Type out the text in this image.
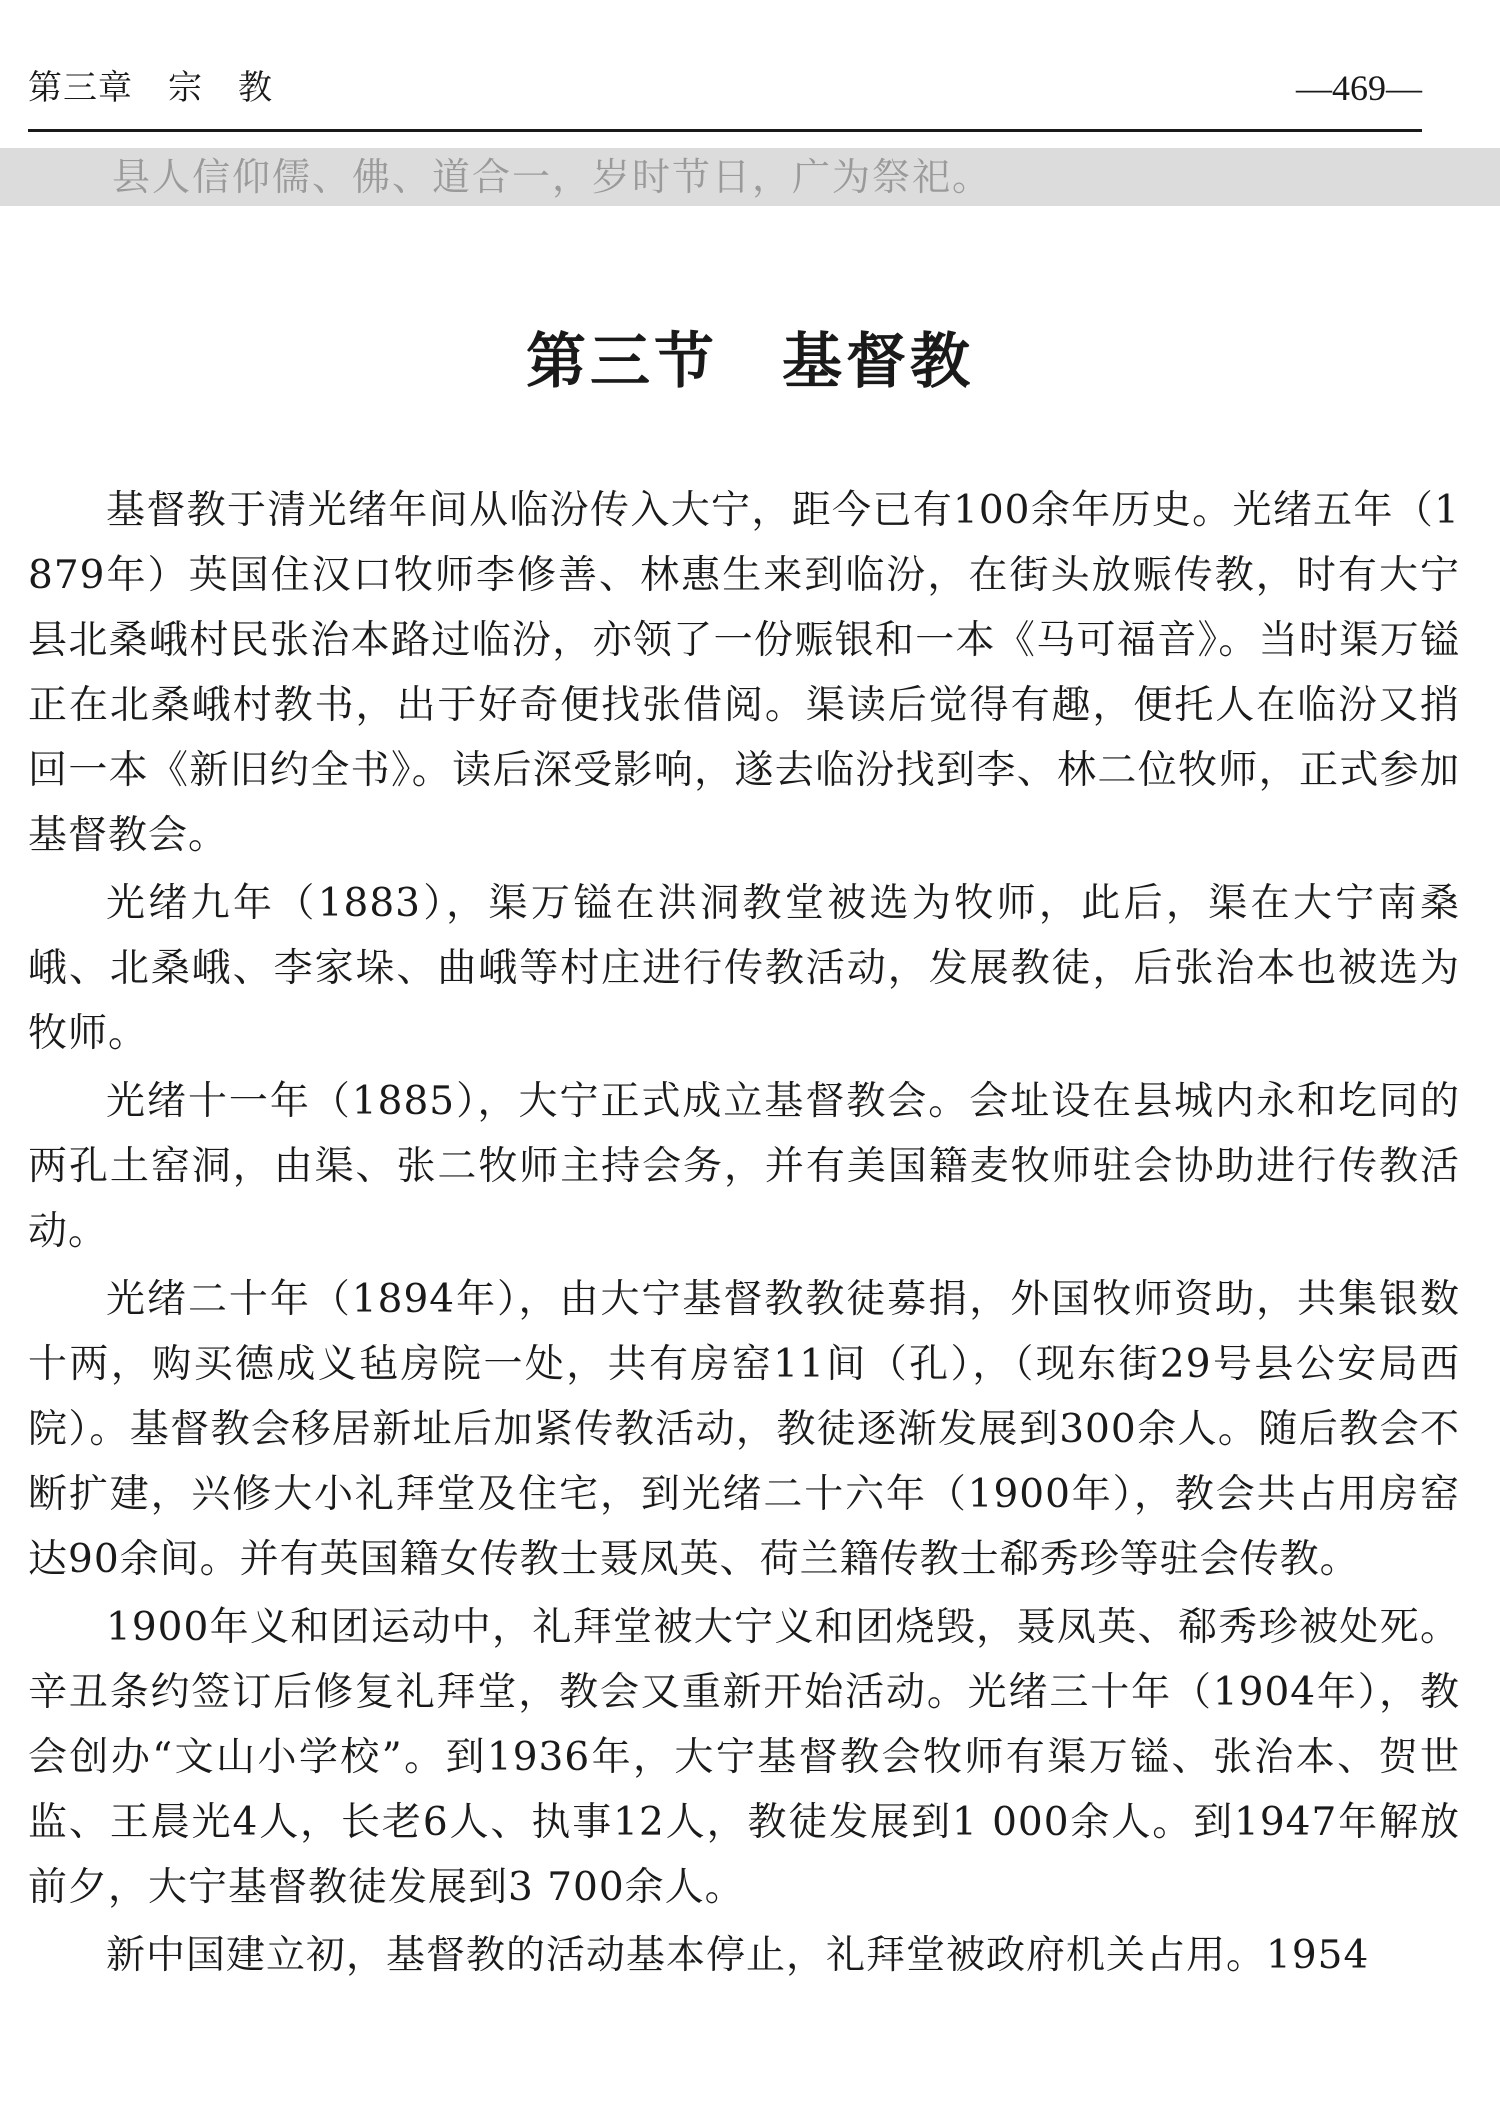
第三章　宗　教	—469—
县人信仰儒、佛、道合一，岁时节日，广为祭祀。
第三节　基督教

基督教于清光绪年间从临汾传入大宁，距今已有100余年历史。光绪五年（1879年）英国住汉口牧师李修善、林惠生来到临汾，在街头放赈传教，时有大宁县北桑峨村民张治本路过临汾，亦领了一份赈银和一本《马可福音》。当时渠万镒正在北桑峨村教书，出于好奇便找张借阅。渠读后觉得有趣，便托人在临汾又捎回一本《新旧约全书》。读后深受影响，遂去临汾找到李、林二位牧师，正式参加基督教会。

光绪九年（1883），渠万镒在洪洞教堂被选为牧师，此后，渠在大宁南桑峨、北桑峨、李家垛、曲峨等村庄进行传教活动，发展教徒，后张治本也被选为牧师。

光绪十一年（1885），大宁正式成立基督教会。会址设在县城内永和圪同的两孔土窑洞，由渠、张二牧师主持会务，并有美国籍麦牧师驻会协助进行传教活动。

光绪二十年（1894年），由大宁基督教教徒募捐，外国牧师资助，共集银数十两，购买德成义毡房院一处，共有房窑11间（孔），（现东街29号县公安局西院）。基督教会移居新址后加紧传教活动，教徒逐渐发展到300余人。随后教会不断扩建，兴修大小礼拜堂及住宅，到光绪二十六年（1900年），教会共占用房窑达90余间。并有英国籍女传教士聂凤英、荷兰籍传教士郗秀珍等驻会传教。

1900年义和团运动中，礼拜堂被大宁义和团烧毁，聂凤英、郗秀珍被处死。辛丑条约签订后修复礼拜堂，教会又重新开始活动。光绪三十年（1904年），教会创办“文山小学校”。到1936年，大宁基督教会牧师有渠万镒、张治本、贺世监、王晨光4人，长老6人、执事12人，教徒发展到1 000余人。到1947年解放前夕，大宁基督教徒发展到3 700余人。

新中国建立初，基督教的活动基本停止，礼拜堂被政府机关占用。1954
